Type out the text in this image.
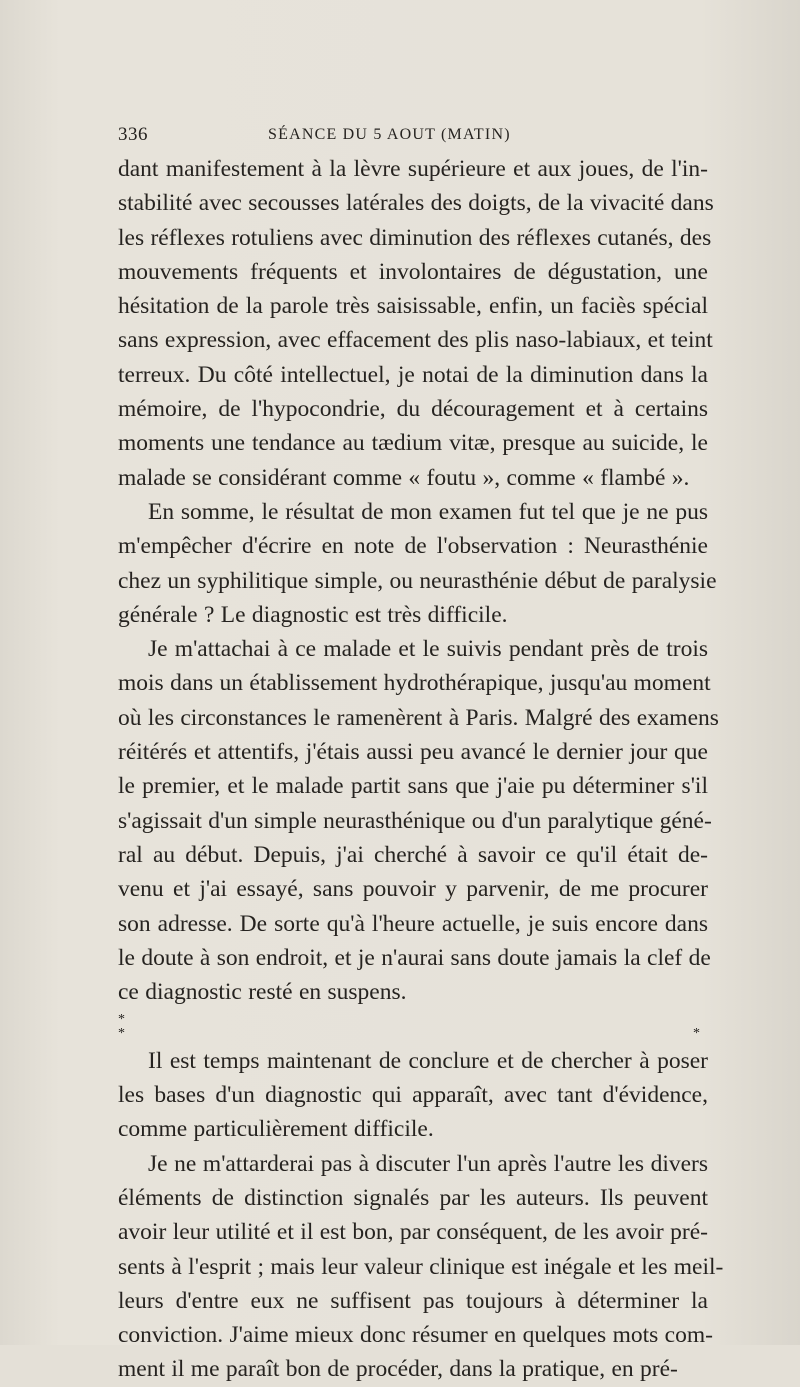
336	SÉANCE DU 5 AOUT (MATIN)
dant manifestement à la lèvre supérieure et aux joues, de l'in-
stabilité avec secousses latérales des doigts, de la vivacité dans
les réflexes rotuliens avec diminution des réflexes cutanés, des
mouvements fréquents et involontaires de dégustation, une
hésitation de la parole très saisissable, enfin, un faciès spécial
sans expression, avec effacement des plis naso-labiaux, et teint
terreux. Du côté intellectuel, je notai de la diminution dans la
mémoire, de l'hypocondrie, du découragement et à certains
moments une tendance au tædium vitæ, presque au suicide, le
malade se considérant comme « foutu », comme « flambé ».
En somme, le résultat de mon examen fut tel que je ne pus
m'empêcher d'écrire en note de l'observation : Neurasthénie
chez un syphilitique simple, ou neurasthénie début de paralysie
générale ? Le diagnostic est très difficile.
Je m'attachai à ce malade et le suivis pendant près de trois
mois dans un établissement hydrothérapique, jusqu'au moment
où les circonstances le ramenèrent à Paris. Malgré des examens
réitérés et attentifs, j'étais aussi peu avancé le dernier jour que
le premier, et le malade partit sans que j'aie pu déterminer s'il
s'agissait d'un simple neurasthénique ou d'un paralytique géné-
ral au début. Depuis, j'ai cherché à savoir ce qu'il était de-
venu et j'ai essayé, sans pouvoir y parvenir, de me procurer
son adresse. De sorte qu'à l'heure actuelle, je suis encore dans
le doute à son endroit, et je n'aurai sans doute jamais la clef de
ce diagnostic resté en suspens.
*
* *
Il est temps maintenant de conclure et de chercher à poser
les bases d'un diagnostic qui apparaît, avec tant d'évidence,
comme particulièrement difficile.
Je ne m'attarderai pas à discuter l'un après l'autre les divers
éléments de distinction signalés par les auteurs. Ils peuvent
avoir leur utilité et il est bon, par conséquent, de les avoir pré-
sents à l'esprit ; mais leur valeur clinique est inégale et les meil-
leurs d'entre eux ne suffisent pas toujours à déterminer la
conviction. J'aime mieux donc résumer en quelques mots com-
ment il me paraît bon de procéder, dans la pratique, en pré-
